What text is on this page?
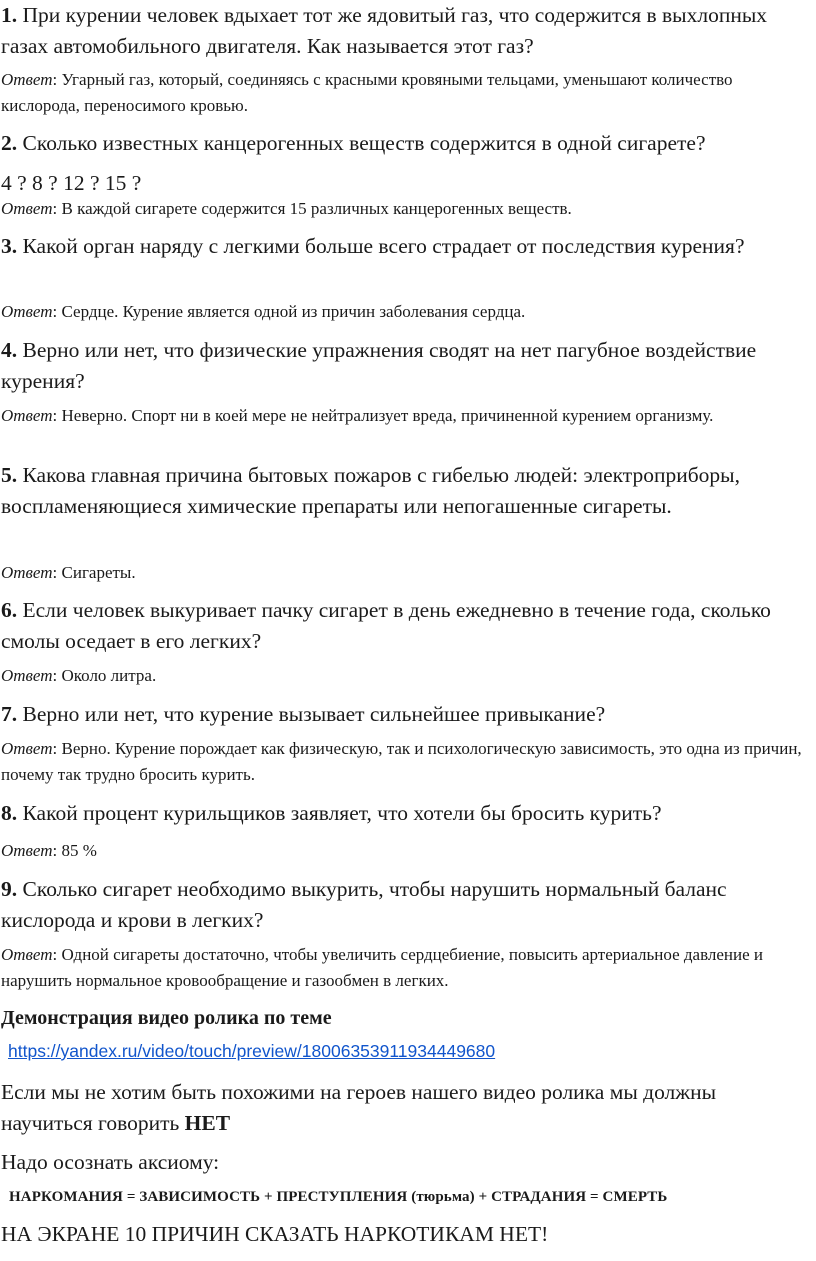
1. При курении человек вдыхает тот же ядовитый газ, что содержится в выхлопных газах автомобильного двигателя. Как называется этот газ?
Ответ: Угарный газ, который, соединяясь с красными кровяными тельцами, уменьшают количество кислорода, переносимого кровью.
2. Сколько известных канцерогенных веществ содержится в одной сигарете?
4 ? 8 ? 12 ? 15 ?
Ответ: В каждой сигарете содержится 15 различных канцерогенных веществ.
3. Какой орган наряду с легкими больше всего страдает от последствия курения?
Ответ: Сердце. Курение является одной из причин заболевания сердца.
4. Верно или нет, что физические упражнения сводят на нет пагубное воздействие курения?
Ответ: Неверно. Спорт ни в коей мере не нейтрализует вреда, причиненной курением организму.
5. Какова главная причина бытовых пожаров с гибелью людей: электроприборы, воспламеняющиеся химические препараты или непогашенные сигареты.
Ответ: Сигареты.
6. Если человек выкуривает пачку сигарет в день ежедневно в течение года, сколько смолы оседает в его легких?
Ответ: Около литра.
7. Верно или нет, что курение вызывает сильнейшее привыкание?
Ответ: Верно. Курение порождает как физическую, так и психологическую зависимость, это одна из причин, почему так трудно бросить курить.
8. Какой процент курильщиков заявляет, что хотели бы бросить курить?
Ответ: 85 %
9. Сколько сигарет необходимо выкурить, чтобы нарушить нормальный баланс кислорода и крови в легких?
Ответ: Одной сигареты достаточно, чтобы увеличить сердцебиение, повысить артериальное давление и нарушить нормальное кровообращение и газообмен в легких.
Демонстрация видео ролика по теме
https://yandex.ru/video/touch/preview/18006353911934449680
Если мы не хотим быть похожими на героев нашего видео ролика мы должны научиться говорить НЕТ
Надо осознать аксиому:
НАРКОМАНИЯ = ЗАВИСИМОСТЬ + ПРЕСТУПЛЕНИЯ (тюрьма) + СТРАДАНИЯ = СМЕРТЬ
НА ЭКРАНЕ 10 ПРИЧИН СКАЗАТЬ НАРКОТИКАМ НЕТ!
